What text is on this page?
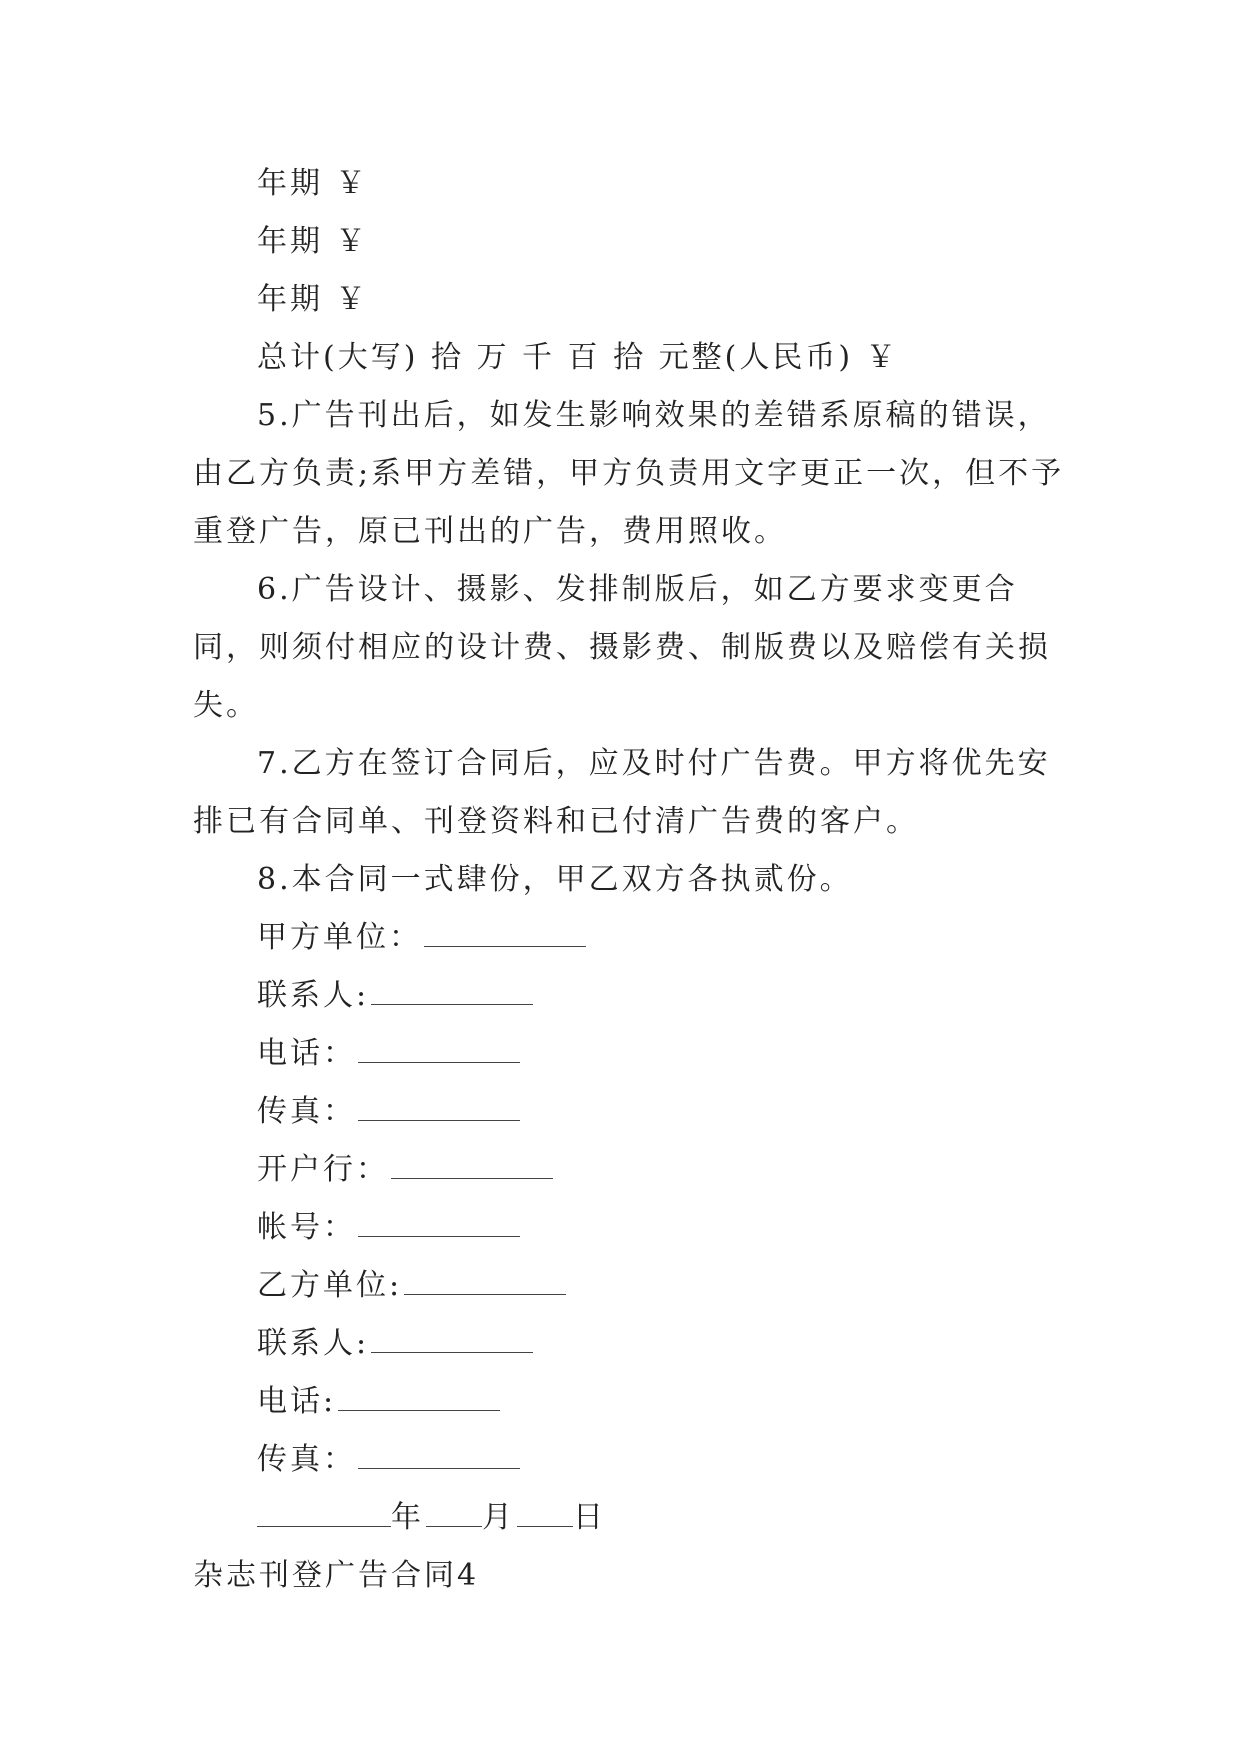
年期 ￥
年期 ￥
年期 ￥
总计(大写) 拾 万 千 百 拾 元整(人民币) ￥
5.广告刊出后，如发生影响效果的差错系原稿的错误，由乙方负责;系甲方差错，甲方负责用文字更正一次，但不予重登广告，原已刊出的广告，费用照收。
6.广告设计、摄影、发排制版后，如乙方要求变更合同，则须付相应的设计费、摄影费、制版费以及赔偿有关损失。
7.乙方在签订合同后，应及时付广告费。甲方将优先安排已有合同单、刊登资料和已付清广告费的客户。
8.本合同一式肆份，甲乙双方各执贰份。
甲方单位：
联系人:
电话：
传真：
开户行：
帐号：
乙方单位:
联系人:
电话:
传真：
年 月 日
杂志刊登广告合同4
